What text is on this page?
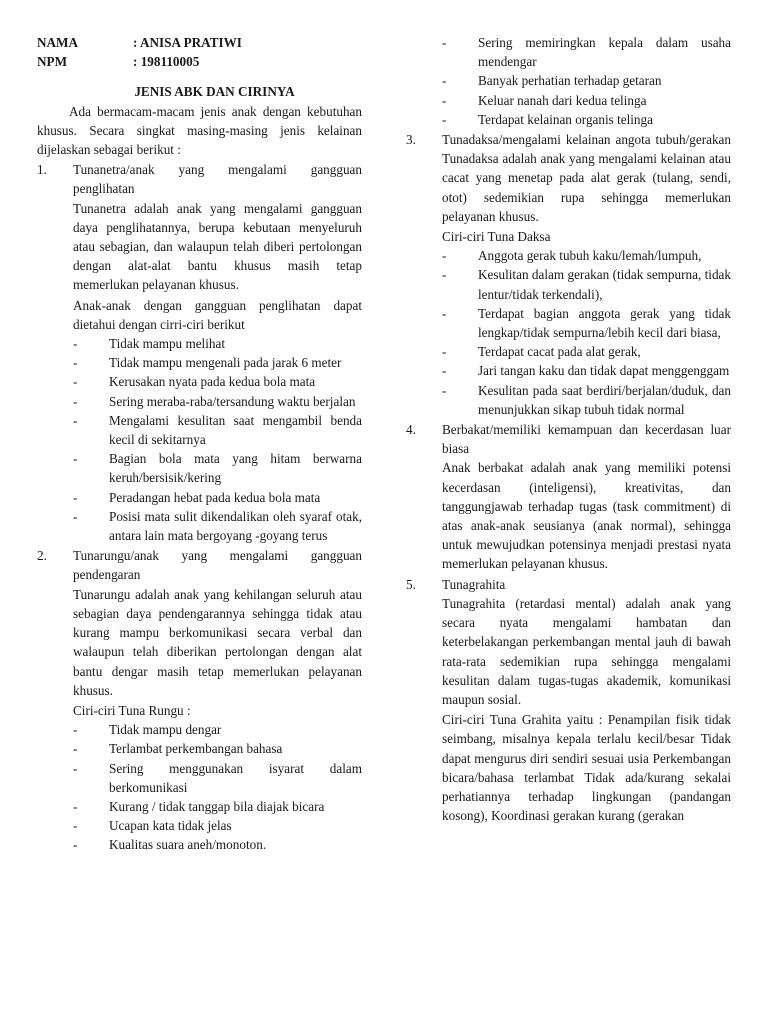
NAMA	: ANISA PRATIWI
NPM	: 198110005
JENIS ABK DAN CIRINYA
Ada bermacam-macam jenis anak dengan kebutuhan khusus. Secara singkat masing-masing jenis kelainan dijelaskan sebagai berikut :
1.	Tunanetra/anak yang mengalami gangguan penglihatan
Tunanetra adalah anak yang mengalami gangguan daya penglihatannya, berupa kebutaan menyeluruh atau sebagian, dan walaupun telah diberi pertolongan dengan alat-alat bantu khusus masih tetap memerlukan pelayanan khusus.
Anak-anak dengan gangguan penglihatan dapat dietahui dengan cirri-ciri berikut
-	Tidak mampu melihat
-	Tidak mampu mengenali pada jarak 6 meter
-	Kerusakan nyata pada kedua bola mata
-	Sering meraba-raba/tersandung waktu berjalan
-	Mengalami kesulitan saat mengambil benda kecil di sekitarnya
-	Bagian bola mata yang hitam berwarna keruh/bersisik/kering
-	Peradangan hebat pada kedua bola mata
-	Posisi mata sulit dikendalikan oleh syaraf otak, antara lain mata bergoyang -goyang terus
2.	Tunarungu/anak yang mengalami gangguan pendengaran
Tunarungu adalah anak yang kehilangan seluruh atau sebagian daya pendengarannya sehingga tidak atau kurang mampu berkomunikasi secara verbal dan walaupun telah diberikan pertolongan dengan alat bantu dengar masih tetap memerlukan pelayanan khusus.
Ciri-ciri Tuna Rungu :
-	Tidak mampu dengar
-	Terlambat perkembangan bahasa
-	Sering menggunakan isyarat dalam berkomunikasi
-	Kurang / tidak tanggap bila diajak bicara
-	Ucapan kata tidak jelas
-	Kualitas suara aneh/monoton.
-	Sering memiringkan kepala dalam usaha mendengar
-	Banyak perhatian terhadap getaran
-	Keluar nanah dari kedua telinga
-	Terdapat kelainan organis telinga
3.	Tunadaksa/mengalami kelainan angota tubuh/gerakan
Tunadaksa adalah anak yang mengalami kelainan atau cacat yang menetap pada alat gerak (tulang, sendi, otot) sedemikian rupa sehingga memerlukan pelayanan khusus.
Ciri-ciri Tuna Daksa
-	Anggota gerak tubuh kaku/lemah/lumpuh,
-	Kesulitan dalam gerakan (tidak sempurna, tidak lentur/tidak terkendali),
-	Terdapat bagian anggota gerak yang tidak lengkap/tidak sempurna/lebih kecil dari biasa,
-	Terdapat cacat pada alat gerak,
-	Jari tangan kaku dan tidak dapat menggenggam
-	Kesulitan pada saat berdiri/berjalan/duduk, dan menunjukkan sikap tubuh tidak normal
4.	Berbakat/memiliki kemampuan dan kecerdasan luar biasa
Anak berbakat adalah anak yang memiliki potensi kecerdasan (inteligensi), kreativitas, dan tanggungjawab terhadap tugas (task commitment) di atas anak-anak seusianya (anak normal), sehingga untuk mewujudkan potensinya menjadi prestasi nyata memerlukan pelayanan khusus.
5.	Tunagrahita
Tunagrahita (retardasi mental) adalah anak yang secara nyata mengalami hambatan dan keterbelakangan perkembangan mental jauh di bawah rata-rata sedemikian rupa sehingga mengalami kesulitan dalam tugas-tugas akademik, komunikasi maupun sosial.
Ciri-ciri Tuna Grahita yaitu : Penampilan fisik tidak seimbang, misalnya kepala terlalu kecil/besar Tidak dapat mengurus diri sendiri sesuai usia Perkembangan bicara/bahasa terlambat Tidak ada/kurang sekalai perhatiannya terhadap lingkungan (pandangan kosong), Koordinasi gerakan kurang (gerakan
